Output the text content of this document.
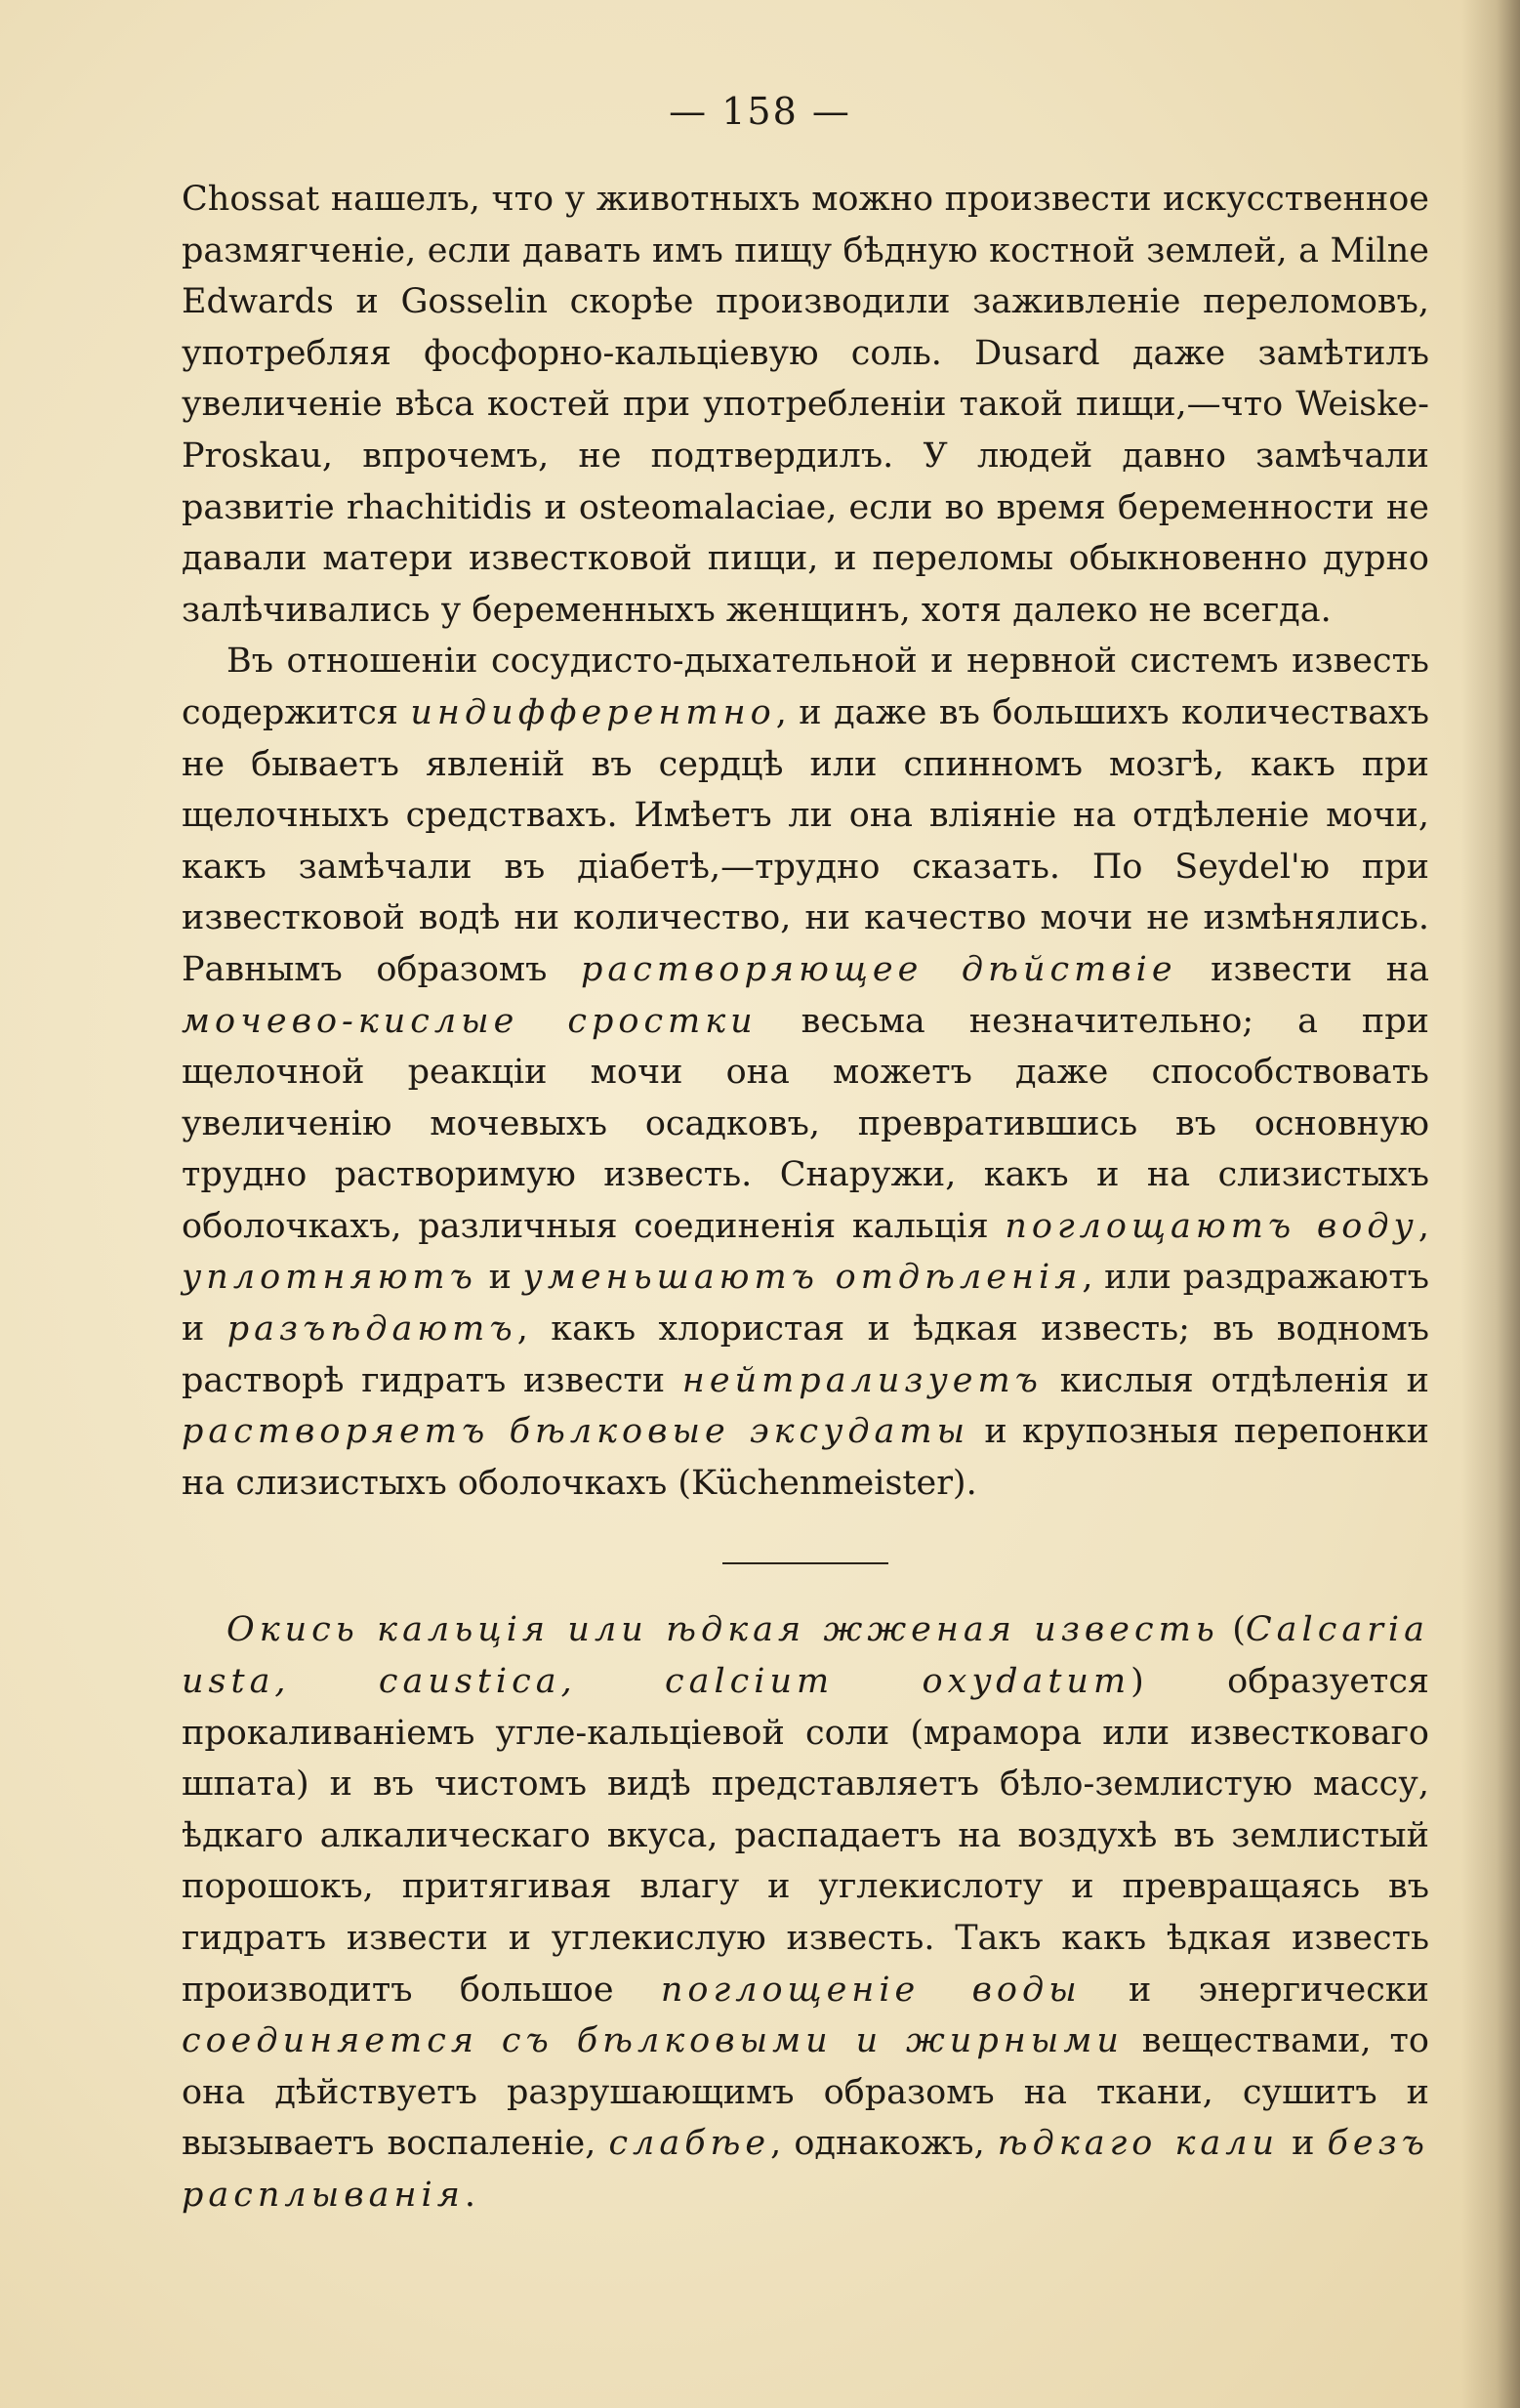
— 158 —

Chossat нашелъ, что у животныхъ можно произвести искусственное размягченіе, если давать имъ пищу бѣдную костной землей, а Milne Edwards и Gosselin скорѣе производили заживленіе переломовъ, употребляя фосфорно-кальціевую соль. Dusard даже замѣтилъ увеличеніе вѣса костей при употребленіи такой пищи,—что Weiske-Proskau, впрочемъ, не подтвердилъ. У людей давно замѣчали развитіе rhachitidis и osteomalaciae, если во время беременности не давали матери известковой пищи, и переломы обыкновенно дурно залѣчивались у беременныхъ женщинъ, хотя далеко не всегда.

Въ отношеніи сосудисто-дыхательной и нервной системъ известь содержится индифферентно, и даже въ большихъ количествахъ не бываетъ явленій въ сердцѣ или спинномъ мозгѣ, какъ при щелочныхъ средствахъ. Имѣетъ ли она вліяніе на отдѣленіе мочи, какъ замѣчали въ діабетѣ,—трудно сказать. По Seydel'ю при известковой водѣ ни количество, ни качество мочи не измѣнялись. Равнымъ образомъ растворяющее дѣйствіе извести на мочево-кислые сростки весьма незначительно; а при щелочной реакціи мочи она можетъ даже способствовать увеличенію мочевыхъ осадковъ, превратившись въ основную трудно растворимую известь. Снаружи, какъ и на слизистыхъ оболочкахъ, различныя соединенія кальція поглощаютъ воду, уплотняютъ и уменьшаютъ отдѣленія, или раздражаютъ и разъѣдаютъ, какъ хлористая и ѣдкая известь; въ водномъ растворѣ гидратъ извести нейтрализуетъ кислыя отдѣленія и растворяетъ бѣлковые эксудаты и крупозныя перепонки на слизистыхъ оболочкахъ (Küchenmeister).

Окись кальція или ѣдкая жженая известь (Calcaria usta, caustica, calcium oxydatum) образуется прокаливаніемъ угле-кальціевой соли (мрамора или известковаго шпата) и въ чистомъ видѣ представляетъ бѣло-землистую массу, ѣдкаго алкалическаго вкуса, распадаетъ на воздухѣ въ землистый порошокъ, притягивая влагу и углекислоту и превращаясь въ гидратъ извести и углекислую известь. Такъ какъ ѣдкая известь производитъ большое поглощеніе воды и энергически соединяется съ бѣлковыми и жирными веществами, то она дѣйствуетъ разрушающимъ образомъ на ткани, сушитъ и вызываетъ воспаленіе, слабѣе, однакожъ, ѣдкаго кали и безъ расплыванія.
